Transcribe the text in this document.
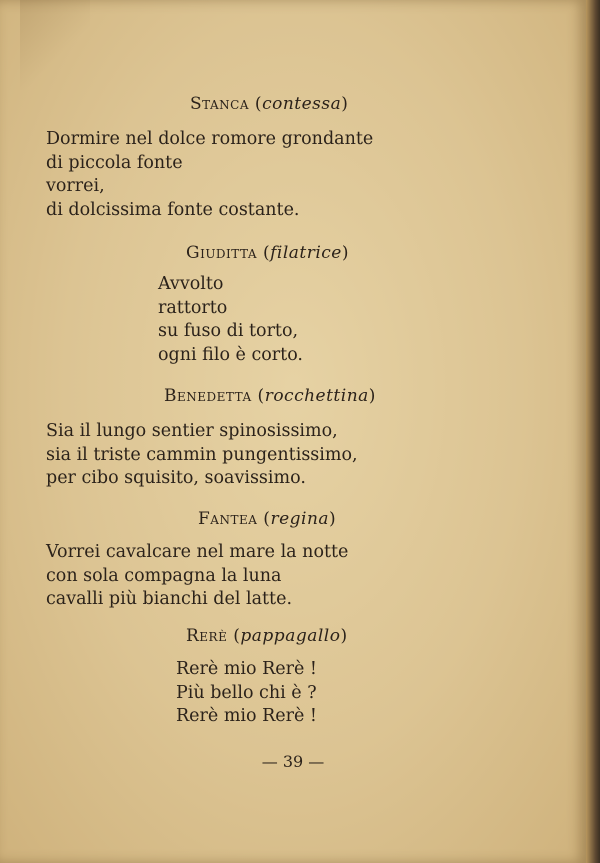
Stanca (contessa)
Dormire nel dolce romore grondante
di piccola fonte
vorrei,
di dolcissima fonte costante.
Giuditta (filatrice)
Avvolto
rattorto
su fuso di torto,
ogni filo è corto.
Benedetta (rocchettina)
Sia il lungo sentier spinosissimo,
sia il triste cammin pungentissimo,
per cibo squisito, soavissimo.
Fantea (regina)
Vorrei cavalcare nel mare la notte
con sola compagna la luna
cavalli più bianchi del latte.
Rerè (pappagallo)
Rerè mio Rerè !
Più bello chi è ?
Rerè mio Rerè !
— 39 —
